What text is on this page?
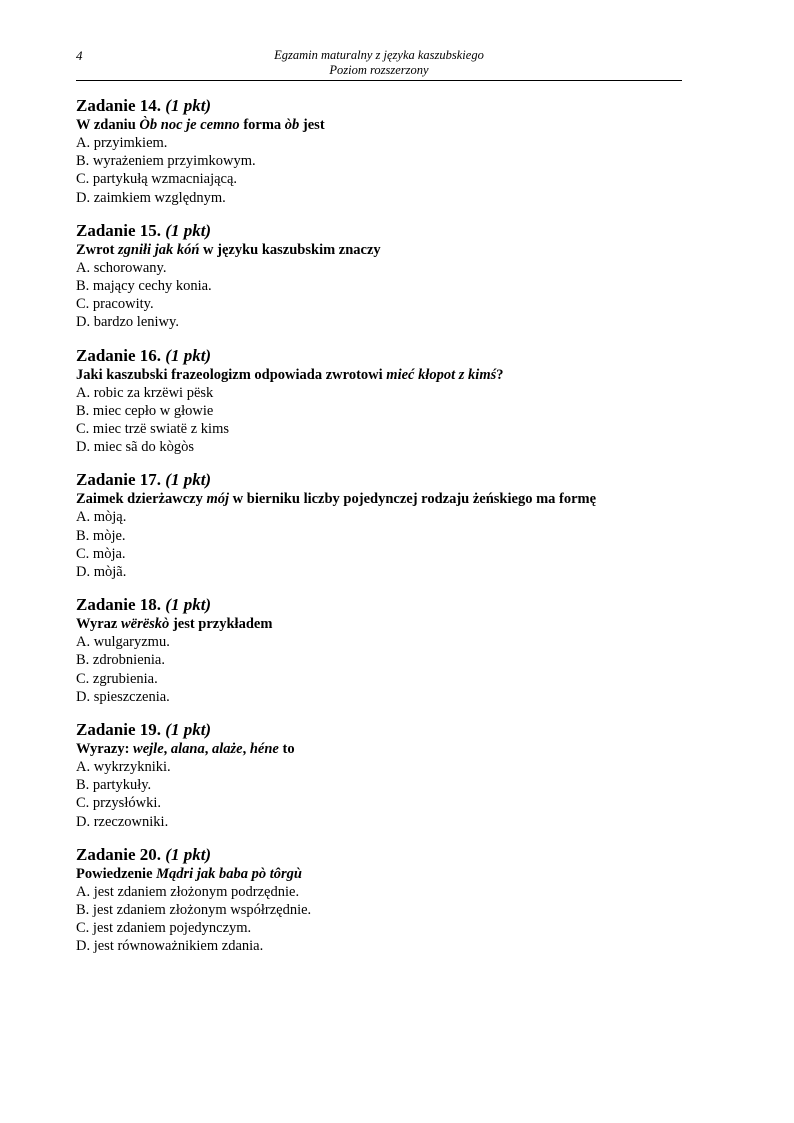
4	Egzamin maturalny z języka kaszubskiego
Poziom rozszerzony
Zadanie 14. (1 pkt)
W zdaniu Òb noc je cemno forma òb jest
A. przyimkiem.
B. wyrażeniem przyimkowym.
C. partykułą wzmacniającą.
D. zaimkiem względnym.
Zadanie 15. (1 pkt)
Zwrot zgniłi jak kóń w języku kaszubskim znaczy
A. schorowany.
B. mający cechy konia.
C. pracowity.
D. bardzo leniwy.
Zadanie 16. (1 pkt)
Jaki kaszubski frazeologizm odpowiada zwrotowi mieć kłopot z kimś?
A. robic za krzëwi pësk
B. miec cepło w głowie
C. miec trzë swiatë z kims
D. miec sã do kògòs
Zadanie 17. (1 pkt)
Zaimek dzierżawczy mój w bierniku liczby pojedynczej rodzaju żeńskiego ma formę
A. mòją.
B. mòje.
C. mòja.
D. mòjã.
Zadanie 18. (1 pkt)
Wyraz wërëskò jest przykładem
A. wulgaryzmu.
B. zdrobnienia.
C. zgrubienia.
D. spieszczenia.
Zadanie 19. (1 pkt)
Wyrazy: wejle, alana, alaże, héne to
A. wykrzykniki.
B. partykuły.
C. przysłówki.
D. rzeczowniki.
Zadanie 20. (1 pkt)
Powiedzenie Mądri jak baba pò tôrgù
A. jest zdaniem złożonym podrzędnie.
B. jest zdaniem złożonym współrzędnie.
C. jest zdaniem pojedynczym.
D. jest równoważnikiem zdania.
